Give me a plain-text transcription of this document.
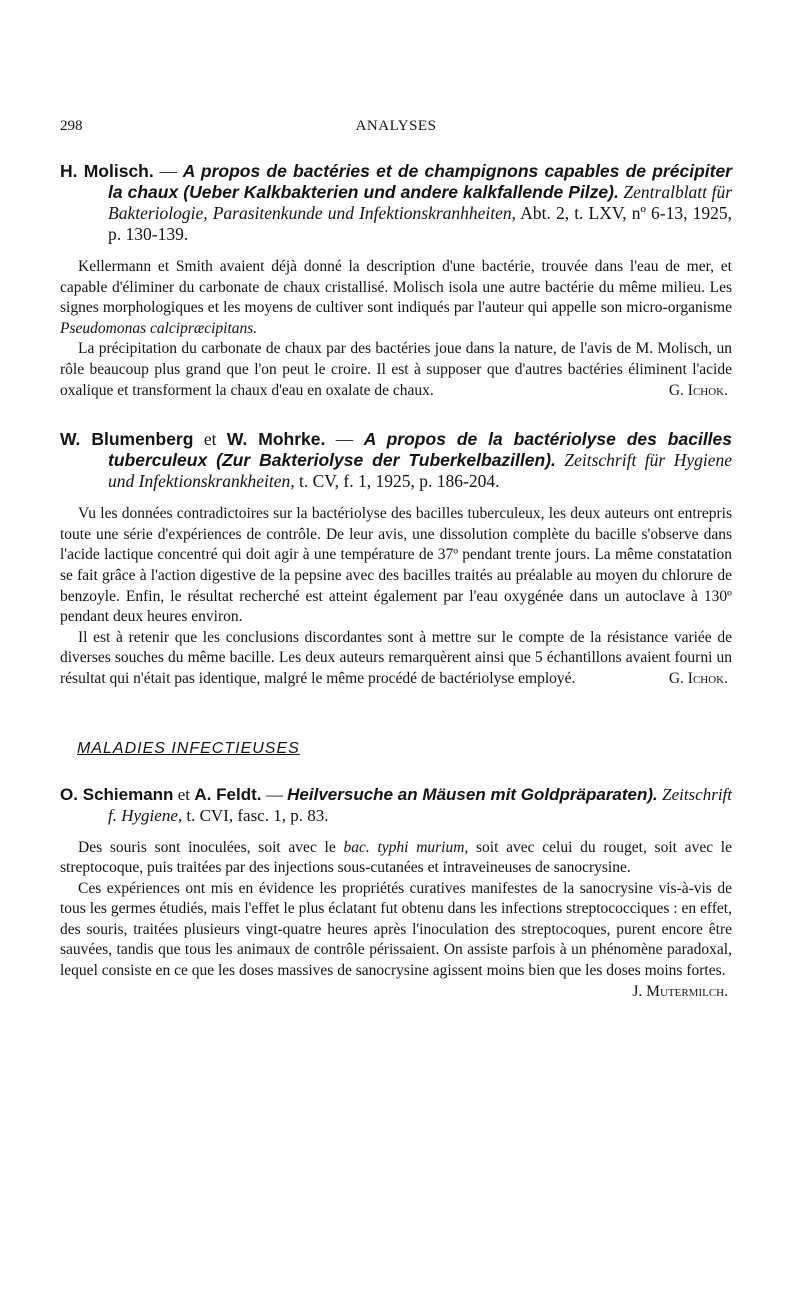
298	ANALYSES

H. Molisch. — A propos de bactéries et de champignons capables de précipiter la chaux (Ueber Kalkbakterien und andere kalkfallende Pilze). Zentralblatt für Bakteriologie, Parasitenkunde und Infektionskranhheiten, Abt. 2, t. LXV, nº 6-13, 1925, p. 130-139.

Kellermann et Smith avaient déjà donné la description d'une bactérie, trouvée dans l'eau de mer, et capable d'éliminer du carbonate de chaux cristallisé. Molisch isola une autre bactérie du même milieu. Les signes morphologiques et les moyens de cultiver sont indiqués par l'auteur qui appelle son micro-organisme Pseudomonas calcipræcipitans.

La précipitation du carbonate de chaux par des bactéries joue dans la nature, de l'avis de M. Molisch, un rôle beaucoup plus grand que l'on peut le croire. Il est à supposer que d'autres bactéries éliminent l'acide oxalique et transforment la chaux d'eau en oxalate de chaux.	G. Ichok.

W. Blumenberg et W. Mohrke. — A propos de la bactériolyse des bacilles tuberculeux (Zur Bakteriolyse der Tuberkelbazillen). Zeitschrift für Hygiene und Infektionskrankheiten, t. CV, f. 1, 1925, p. 186-204.

Vu les données contradictoires sur la bactériolyse des bacilles tuberculeux, les deux auteurs ont entrepris toute une série d'expériences de contrôle. De leur avis, une dissolution complète du bacille s'observe dans l'acide lactique concentré qui doit agir à une température de 37º pendant trente jours. La même constatation se fait grâce à l'action digestive de la pepsine avec des bacilles traités au préalable au moyen du chlorure de benzoyle. Enfin, le résultat recherché est atteint également par l'eau oxygénée dans un autoclave à 130º pendant deux heures environ.

Il est à retenir que les conclusions discordantes sont à mettre sur le compte de la résistance variée de diverses souches du même bacille. Les deux auteurs remarquèrent ainsi que 5 échantillons avaient fourni un résultat qui n'était pas identique, malgré le même procédé de bactériolyse employé.	G. Ichok.

MALADIES INFECTIEUSES

O. Schiemann et A. Feldt. — Heilversuche an Mäusen mit Goldpräparaten). Zeitschrift f. Hygiene, t. CVI, fasc. 1, p. 83.

Des souris sont inoculées, soit avec le bac. typhi murium, soit avec celui du rouget, soit avec le streptocoque, puis traitées par des injections sous-cutanées et intraveineuses de sanocrysine.

Ces expériences ont mis en évidence les propriétés curatives manifestes de la sanocrysine vis-à-vis de tous les germes étudiés, mais l'effet le plus éclatant fut obtenu dans les infections streptococciques : en effet, des souris, traitées plusieurs vingt-quatre heures après l'inoculation des streptocoques, purent encore être sauvées, tandis que tous les animaux de contrôle périssaient. On assiste parfois à un phénomène paradoxal, lequel consiste en ce que les doses massives de sanocrysine agissent moins bien que les doses moins fortes.
J. Mutermilch.
